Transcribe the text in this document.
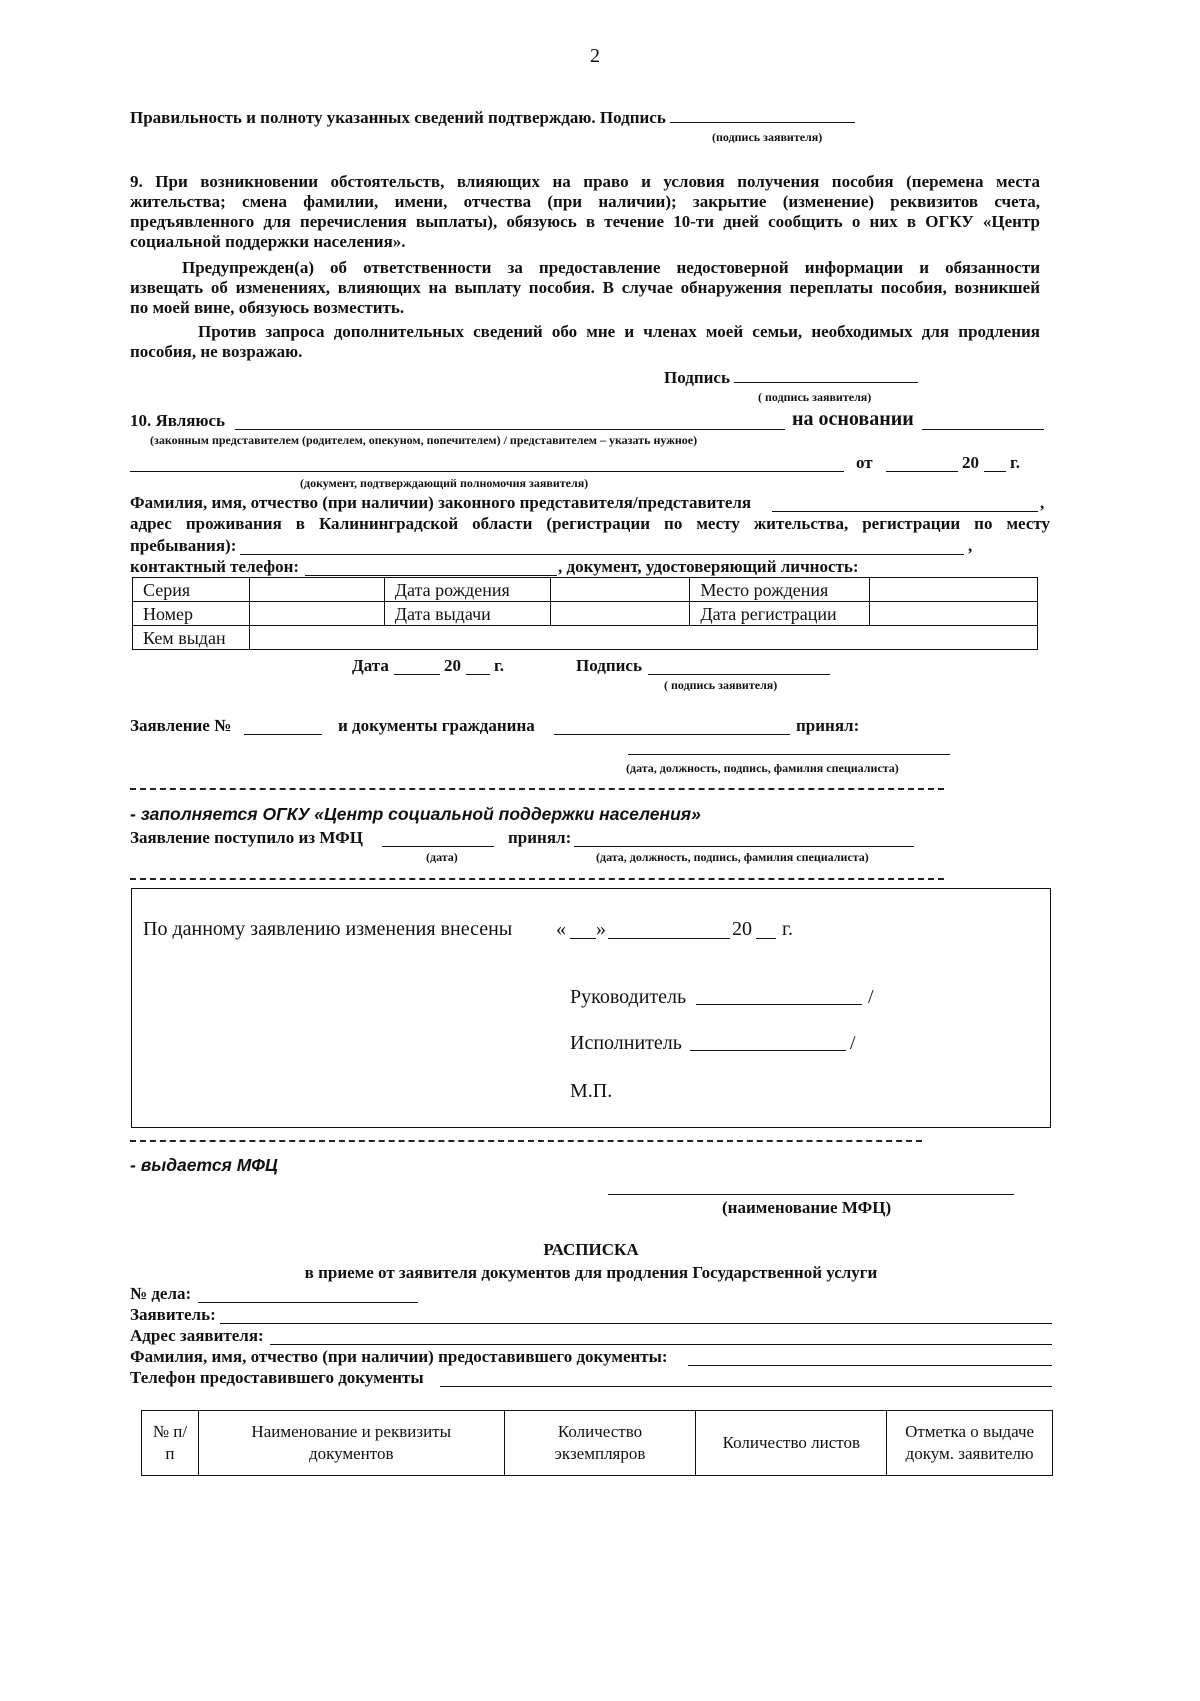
2
Правильность и полноту указанных сведений подтверждаю. Подпись
(подпись заявителя)
9. При возникновении обстоятельств, влияющих на право и условия получения пособия (перемена места
жительства; смена фамилии, имени, отчества (при наличии); закрытие (изменение) реквизитов счета,
предъявленного для перечисления выплаты), обязуюсь в течение 10-ти дней сообщить о них в ОГКУ «Центр
социальной поддержки населения».
Предупрежден(а) об ответственности за предоставление недостоверной информации и обязанности
извещать об изменениях, влияющих на выплату пособия. В случае обнаружения переплаты пособия, возникшей
по моей вине, обязуюсь возместить.
Против запроса дополнительных сведений обо мне и членах моей семьи, необходимых для продления
пособия, не возражаю.
Подпись
( подпись заявителя)
10. Являюсь	на основании
(законным представителем (родителем, опекуном, попечителем) / представителем – указать нужное)
от	20 г.
(документ, подтверждающий полномочия заявителя)
Фамилия, имя, отчество (при наличии) законного представителя/представителя	,
адрес проживания в Калининградской области (регистрации по месту жительства, регистрации по месту
пребывания):	,
контактный телефон:	, документ, удостоверяющий личность:
Серия		Дата рождения		Место рождения	
Номер		Дата выдачи		Дата регистрации	
Кем выдан					
Дата	20 г.	Подпись
( подпись заявителя)
Заявление №	и документы гражданина	принял:
(дата, должность, подпись, фамилия специалиста)
- заполняется ОГКУ «Центр социальной поддержки населения»
Заявление поступило из МФЦ	принял:
(дата)	(дата, должность, подпись, фамилия специалиста)
По данному заявлению изменения внесены « »	20 г.
Руководитель	/
Исполнитель	/
М.П.
- выдается МФЦ
(наименование МФЦ)
РАСПИСКА
в приеме от заявителя документов для продления Государственной услуги
№ дела:
Заявитель:
Адрес заявителя:
Фамилия, имя, отчество (при наличии) предоставившего документы:
Телефон предоставившего документы
№ п/п	Наименование и реквизиты документов	Количество экземпляров	Количество листов	Отметка о выдаче докум. заявителю
